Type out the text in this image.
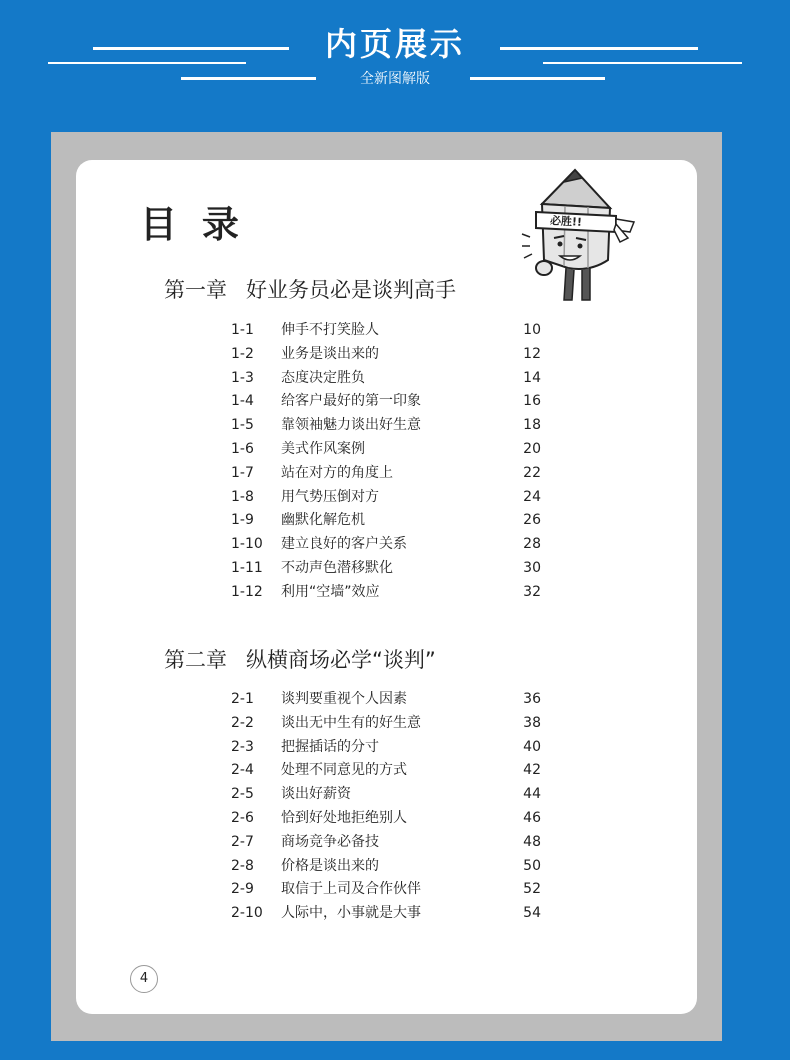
内页展示
全新图解版
目 录	必胜!!
第一章 好业务员必是谈判高手
1-1 伸手不打笑脸人	10
1-2 业务是谈出来的	12
1-3 态度决定胜负	14
1-4 给客户最好的第一印象	16
1-5 靠领袖魅力谈出好生意	18
1-6 美式作风案例	20
1-7 站在对方的角度上	22
1-8 用气势压倒对方	24
1-9 幽默化解危机	26
1-10 建立良好的客户关系	28
1-11 不动声色潜移默化	30
1-12 利用“空墙”效应	32
第二章 纵横商场必学“谈判”
2-1 谈判要重视个人因素	36
2-2 谈出无中生有的好生意	38
2-3 把握插话的分寸	40
2-4 处理不同意见的方式	42
2-5 谈出好薪资	44
2-6 恰到好处地拒绝别人	46
2-7 商场竞争必备技	48
2-8 价格是谈出来的	50
2-9 取信于上司及合作伙伴	52
2-10 人际中，小事就是大事	54
4
